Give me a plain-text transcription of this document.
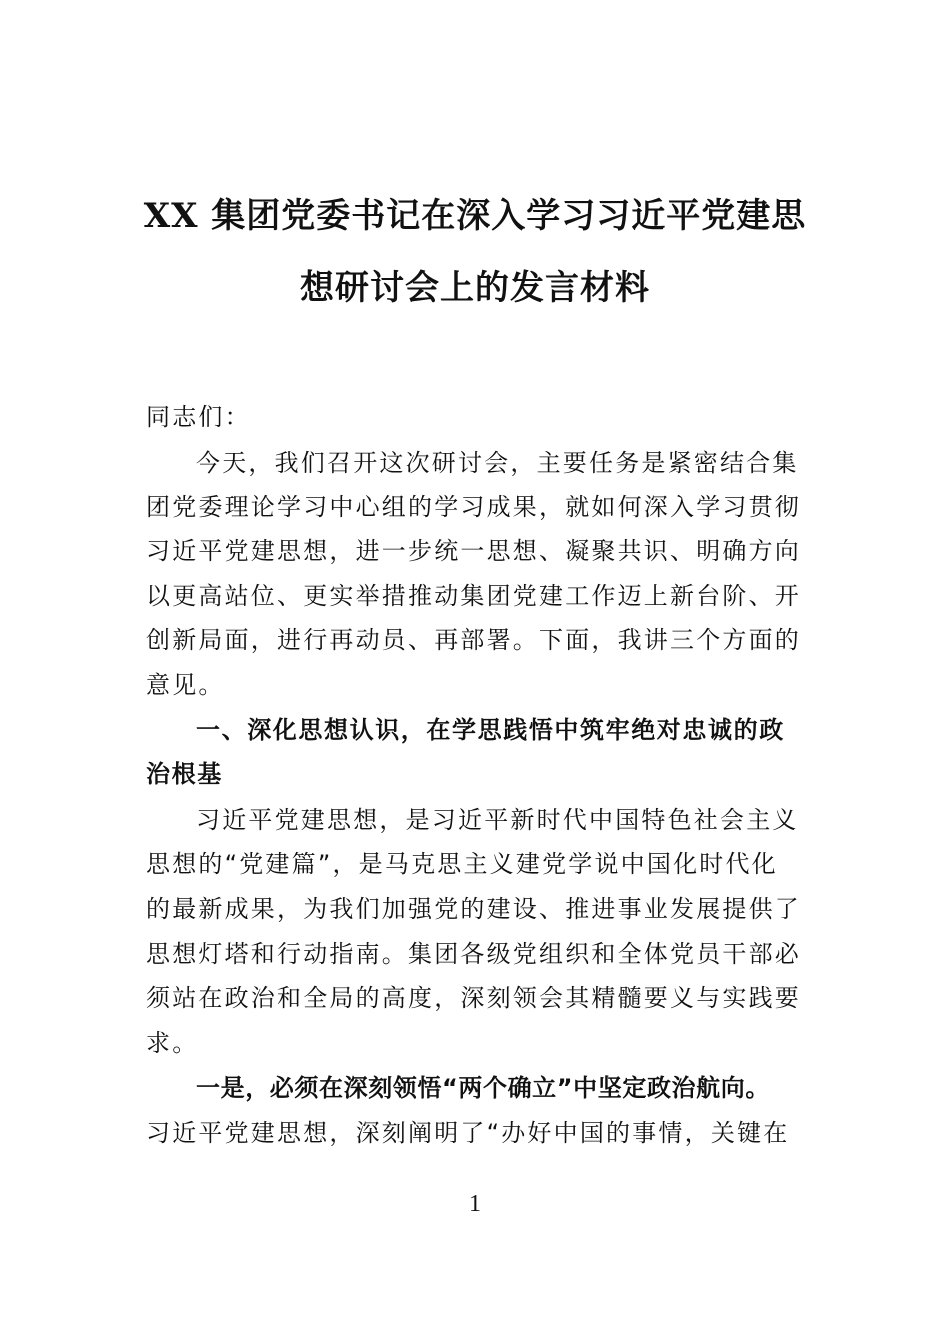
XX 集团党委书记在深入学习习近平党建思
想研讨会上的发言材料
同志们：
今天，我们召开这次研讨会，主要任务是紧密结合集
团党委理论学习中心组的学习成果，就如何深入学习贯彻
习近平党建思想，进一步统一思想、凝聚共识、明确方向
以更高站位、更实举措推动集团党建工作迈上新台阶、开
创新局面，进行再动员、再部署。下面，我讲三个方面的
意见。
一、深化思想认识，在学思践悟中筑牢绝对忠诚的政
治根基
习近平党建思想，是习近平新时代中国特色社会主义
思想的“党建篇”，是马克思主义建党学说中国化时代化
的最新成果，为我们加强党的建设、推进事业发展提供了
思想灯塔和行动指南。集团各级党组织和全体党员干部必
须站在政治和全局的高度，深刻领会其精髓要义与实践要
求。
一是，必须在深刻领悟“两个确立”中坚定政治航向。
习近平党建思想，深刻阐明了“办好中国的事情，关键在
1
